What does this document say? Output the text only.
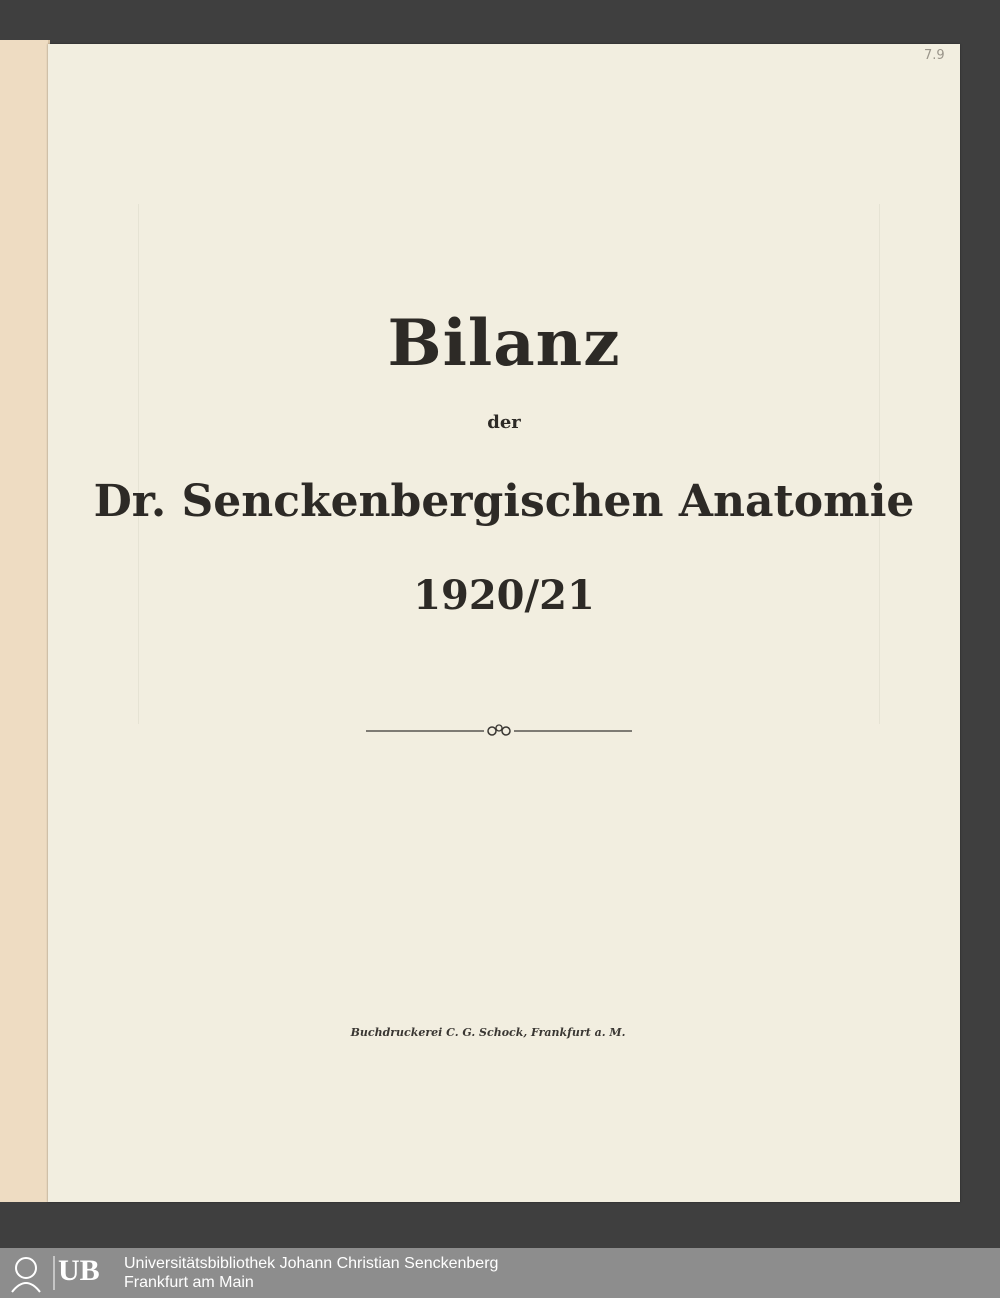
7.9
Bilanz
der
Dr. Senckenbergischen Anatomie
1920/21
Buchdruckerei C. G. Schock, Frankfurt a. M.
UB Universitätsbibliothek Johann Christian Senckenberg
Frankfurt am Main
